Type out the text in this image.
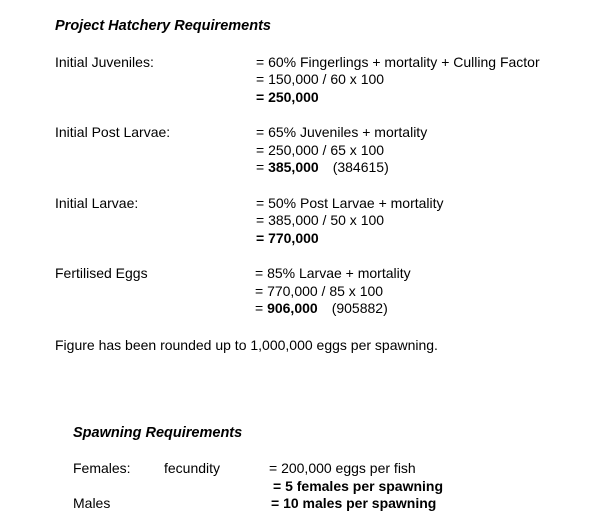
Project Hatchery Requirements
Initial Juveniles:	= 60% Fingerlings + mortality + Culling Factor
= 150,000 / 60 x 100
= 250,000
Initial Post Larvae:	= 65% Juveniles + mortality
= 250,000 / 65 x 100
= 385,000 (384615)
Initial Larvae:	= 50% Post Larvae + mortality
= 385,000 / 50 x 100
= 770,000
Fertilised Eggs	= 85% Larvae + mortality
= 770,000 / 85 x 100
= 906,000 (905882)
Figure has been rounded up to 1,000,000 eggs per spawning.
Spawning Requirements
Females: fecundity	= 200,000 eggs per fish
= 5 females per spawning
Males	= 10 males per spawning
